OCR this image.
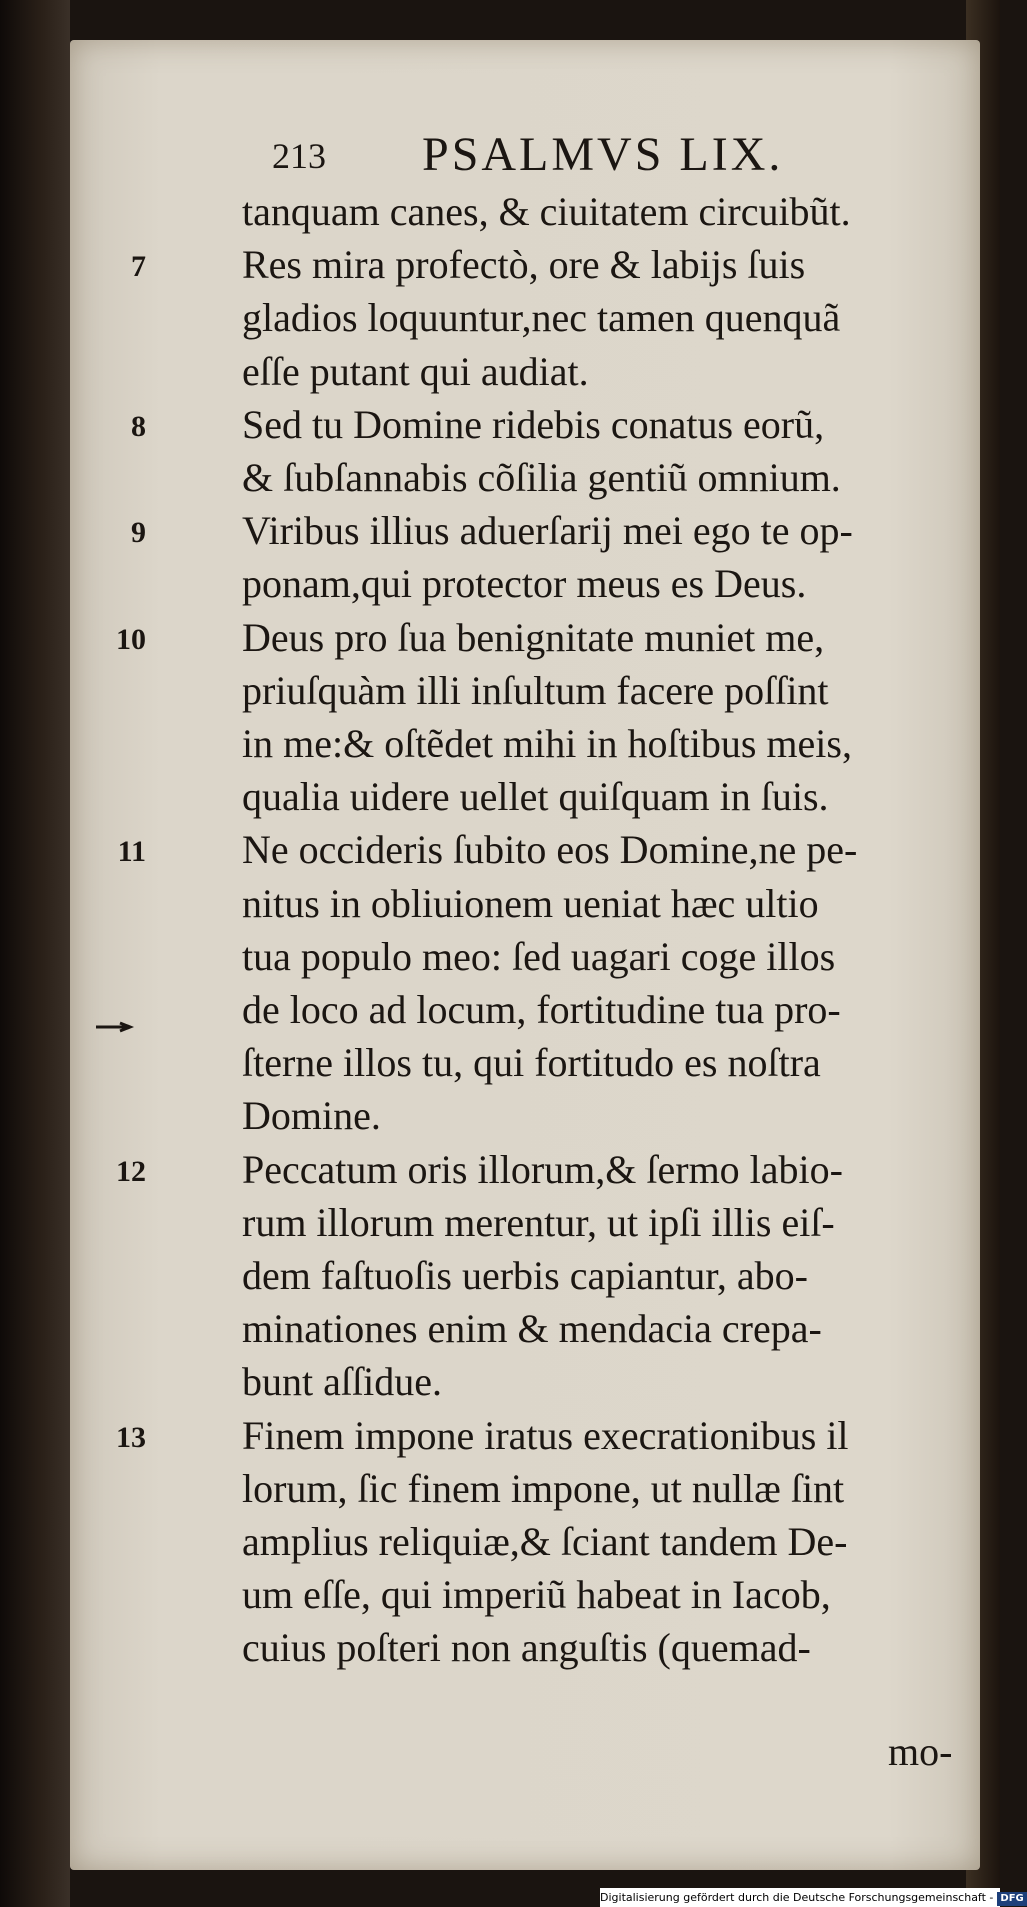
213 PSALMVS LIX.
tanquam canes, & ciuitatem circuibũt.
7 Res mira profectò, ore & labijs ſuis
gladios loquuntur,nec tamen quenquã
eſſe putant qui audiat.
8 Sed tu Domine ridebis conatus eorũ,
& ſubſannabis cõſilia gentiũ omnium.
9 Viribus illius aduerſarij mei ego te op-
ponam,qui protector meus es Deus.
10 Deus pro ſua benignitate muniet me,
priuſquàm illi inſultum facere poſſint
in me:& oſtẽdet mihi in hoſtibus meis,
qualia uidere uellet quiſquam in ſuis.
11 Ne occideris ſubito eos Domine,ne pe-
nitus in obliuionem ueniat hæc ultio
tua populo meo: ſed uagari coge illos
de loco ad locum, fortitudine tua pro-
ſterne illos tu, qui fortitudo es noſtra
Domine.
12 Peccatum oris illorum,& ſermo labio-
rum illorum merentur, ut ipſi illis eiſ-
dem faſtuoſis uerbis capiantur, abo-
minationes enim & mendacia crepa-
bunt aſſidue.
13 Finem impone iratus execrationibus il
lorum, ſic finem impone, ut nullæ ſint
amplius reliquiæ,& ſciant tandem De-
um eſſe, qui imperiũ habeat in Iacob,
cuius poſteri non anguſtis (quemad-
mo-
Digitalisierung gefördert durch die Deutsche Forschungsgemeinschaft - DFG
